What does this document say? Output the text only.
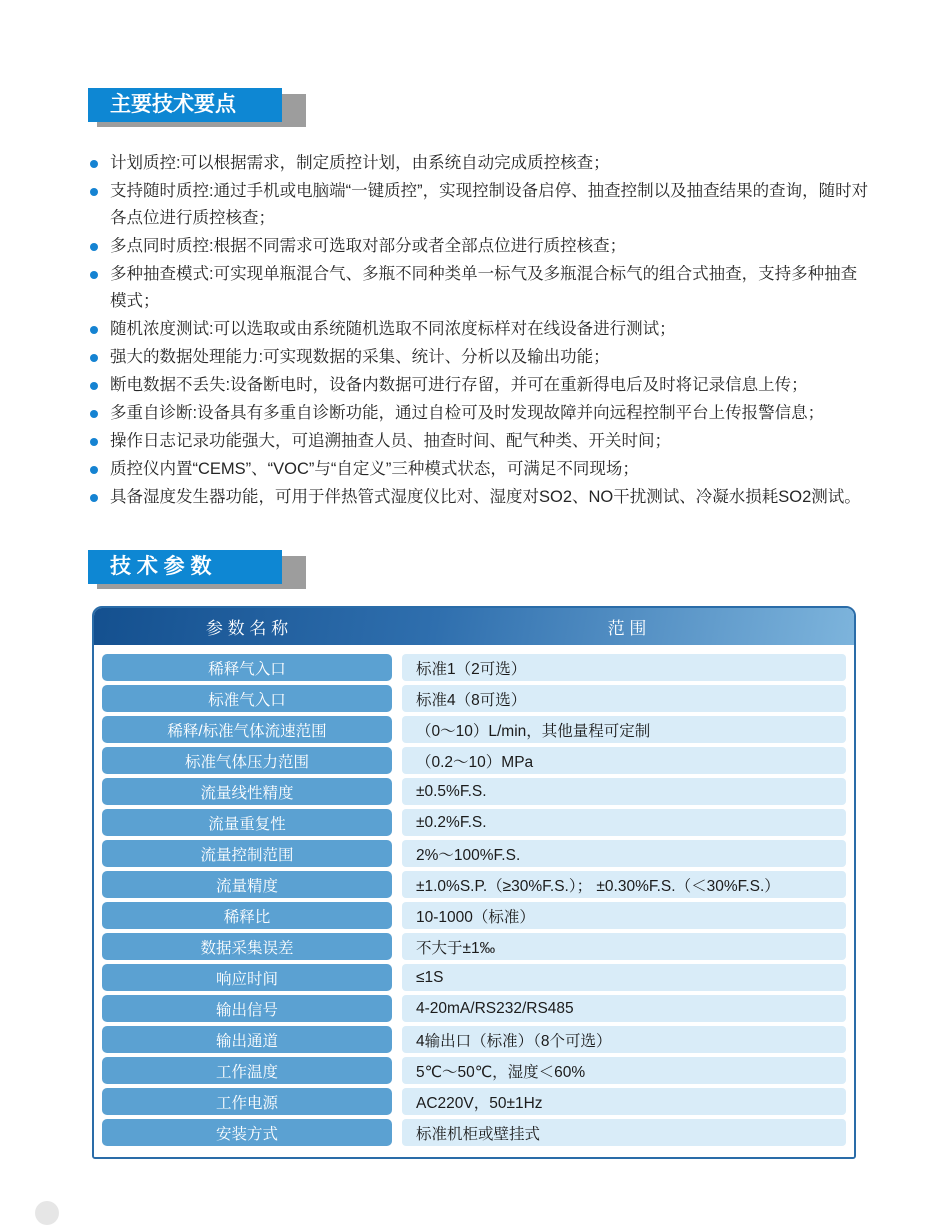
主要技术要点
计划质控:可以根据需求，制定质控计划，由系统自动完成质控核查；
支持随时质控:通过手机或电脑端“一键质控”，实现控制设备启停、抽查控制以及抽查结果的查询，随时对各点位进行质控核查；
多点同时质控:根据不同需求可选取对部分或者全部点位进行质控核查；
多种抽查模式:可实现单瓶混合气、多瓶不同种类单一标气及多瓶混合标气的组合式抽查，支持多种抽查模式；
随机浓度测试:可以选取或由系统随机选取不同浓度标样对在线设备进行测试；
强大的数据处理能力:可实现数据的采集、统计、分析以及输出功能；
断电数据不丢失:设备断电时，设备内数据可进行存留，并可在重新得电后及时将记录信息上传；
多重自诊断:设备具有多重自诊断功能，通过自检可及时发现故障并向远程控制平台上传报警信息；
操作日志记录功能强大，可追溯抽查人员、抽查时间、配气种类、开关时间；
质控仪内置“CEMS”、“VOC”与“自定义”三种模式状态，可满足不同现场；
具备湿度发生器功能，可用于伴热管式湿度仪比对、湿度对SO2、NO干扰测试、冷凝水损耗SO2测试。
技 术 参 数
参 数 名 称	范 围
稀释气入口	标准1（2可选）
标准气入口	标准4（8可选）
稀释/标准气体流速范围	（0～10）L/min，其他量程可定制
标准气体压力范围	（0.2～10）MPa
流量线性精度	±0.5%F.S.
流量重复性	±0.2%F.S.
流量控制范围	2%～100%F.S.
流量精度	±1.0%S.P.（≥30%F.S.）； ±0.30%F.S.（＜30%F.S.）
稀释比	10-1000（标准）
数据采集误差	不大于±1‰
响应时间	≤1S
输出信号	4-20mA/RS232/RS485
输出通道	4输出口（标准）（8个可选）
工作温度	5℃～50℃，湿度＜60%
工作电源	AC220V，50±1Hz
安装方式	标准机柜或壁挂式
